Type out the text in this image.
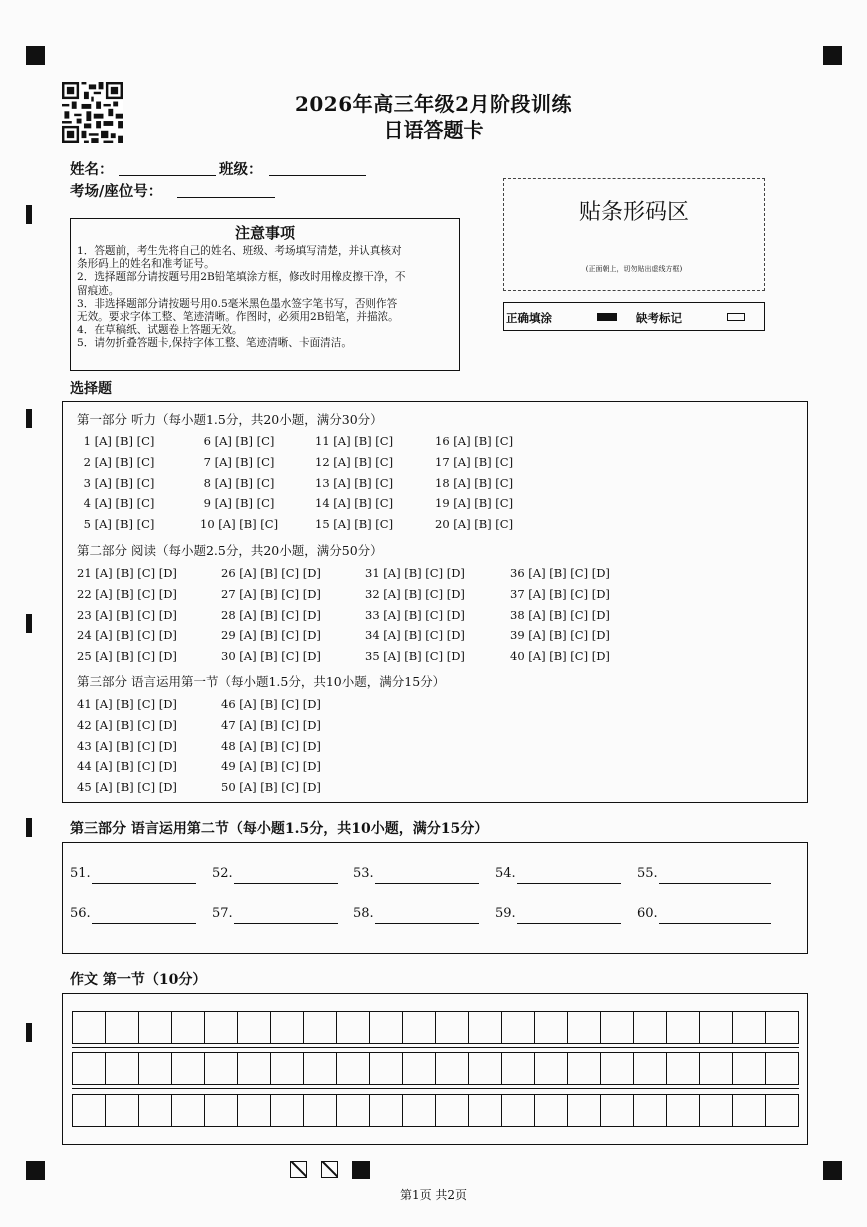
2026年高三年级2月阶段训练
日语答题卡
姓名：	班级：
考场/座位号：
注意事项
1．答题前，考生先将自己的姓名、班级、考场填写清楚，并认真核对
条形码上的姓名和准考证号。
2．选择题部分请按题号用2B铅笔填涂方框，修改时用橡皮擦干净，不
留痕迹。
3．非选择题部分请按题号用0.5毫米黑色墨水签字笔书写，否则作答
无效。要求字体工整、笔迹清晰。作图时，必须用2B铅笔，并描浓。
4．在草稿纸、试题卷上答题无效。
5．请勿折叠答题卡,保持字体工整、笔迹清晰、卡面清洁。
贴条形码区
(正面朝上，切勿贴出虚线方框)
正确填涂	缺考标记
选择题
第一部分 听力（每小题1.5分，共20小题，满分30分）
1 [A] [B] [C]	6 [A] [B] [C]	11 [A] [B] [C]	16 [A] [B] [C]
2 [A] [B] [C]	7 [A] [B] [C]	12 [A] [B] [C]	17 [A] [B] [C]
3 [A] [B] [C]	8 [A] [B] [C]	13 [A] [B] [C]	18 [A] [B] [C]
4 [A] [B] [C]	9 [A] [B] [C]	14 [A] [B] [C]	19 [A] [B] [C]
5 [A] [B] [C]	10 [A] [B] [C]	15 [A] [B] [C]	20 [A] [B] [C]
第二部分 阅读（每小题2.5分，共20小题，满分50分）
21 [A] [B] [C] [D]	26 [A] [B] [C] [D]	31 [A] [B] [C] [D]	36 [A] [B] [C] [D]
22 [A] [B] [C] [D]	27 [A] [B] [C] [D]	32 [A] [B] [C] [D]	37 [A] [B] [C] [D]
23 [A] [B] [C] [D]	28 [A] [B] [C] [D]	33 [A] [B] [C] [D]	38 [A] [B] [C] [D]
24 [A] [B] [C] [D]	29 [A] [B] [C] [D]	34 [A] [B] [C] [D]	39 [A] [B] [C] [D]
25 [A] [B] [C] [D]	30 [A] [B] [C] [D]	35 [A] [B] [C] [D]	40 [A] [B] [C] [D]
第三部分 语言运用第一节（每小题1.5分，共10小题，满分15分）
41 [A] [B] [C] [D]	46 [A] [B] [C] [D]
42 [A] [B] [C] [D]	47 [A] [B] [C] [D]
43 [A] [B] [C] [D]	48 [A] [B] [C] [D]
44 [A] [B] [C] [D]	49 [A] [B] [C] [D]
45 [A] [B] [C] [D]	50 [A] [B] [C] [D]
第三部分 语言运用第二节（每小题1.5分，共10小题，满分15分）
51.	52.	53.	54.	55.
56.	57.	58.	59.	60.
作文 第一节（10分）
第1页 共2页
